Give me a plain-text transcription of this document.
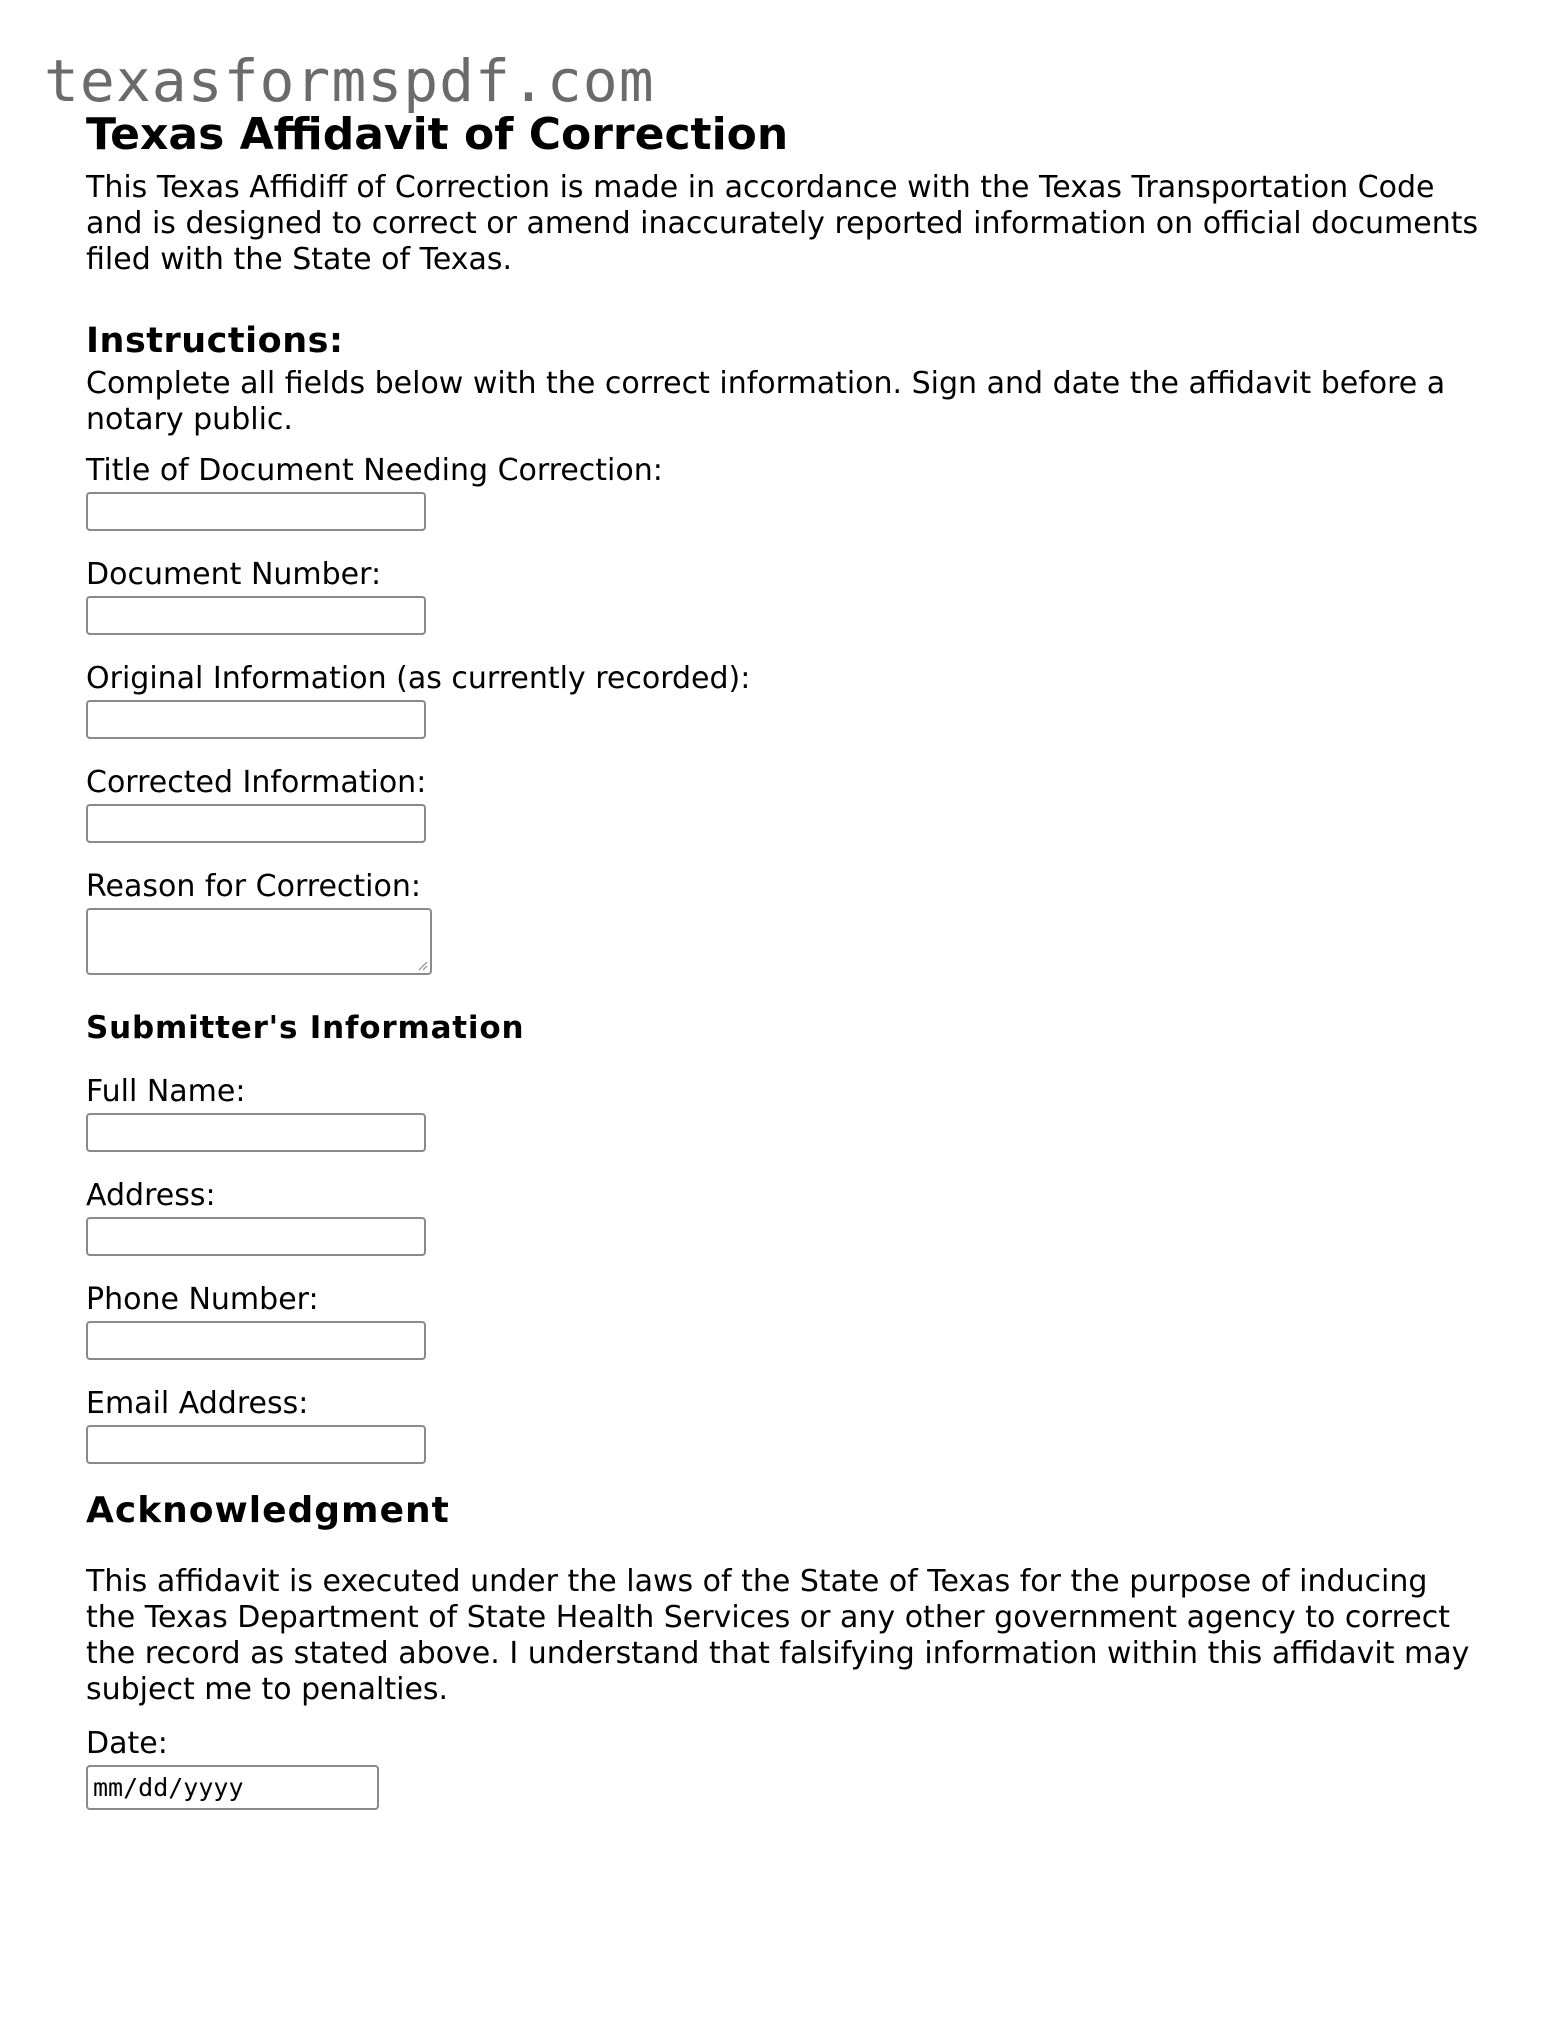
texasformspdf.com
Texas Affidavit of Correction

This Texas Affidiff of Correction is made in accordance with the Texas Transportation Code and is designed to correct or amend inaccurately reported information on official documents filed with the State of Texas.

Instructions:

Complete all fields below with the correct information. Sign and date the affidavit before a notary public.

Title of Document Needing Correction:
Document Number:
Original Information (as currently recorded):
Corrected Information:
Reason for Correction:
Submitter's Information
Full Name:
Address:
Phone Number:
Email Address:
Acknowledgment

This affidavit is executed under the laws of the State of Texas for the purpose of inducing the Texas Department of State Health Services or any other government agency to correct the record as stated above. I understand that falsifying information within this affidavit may subject me to penalties.

Date:
mm/dd/yyyy
